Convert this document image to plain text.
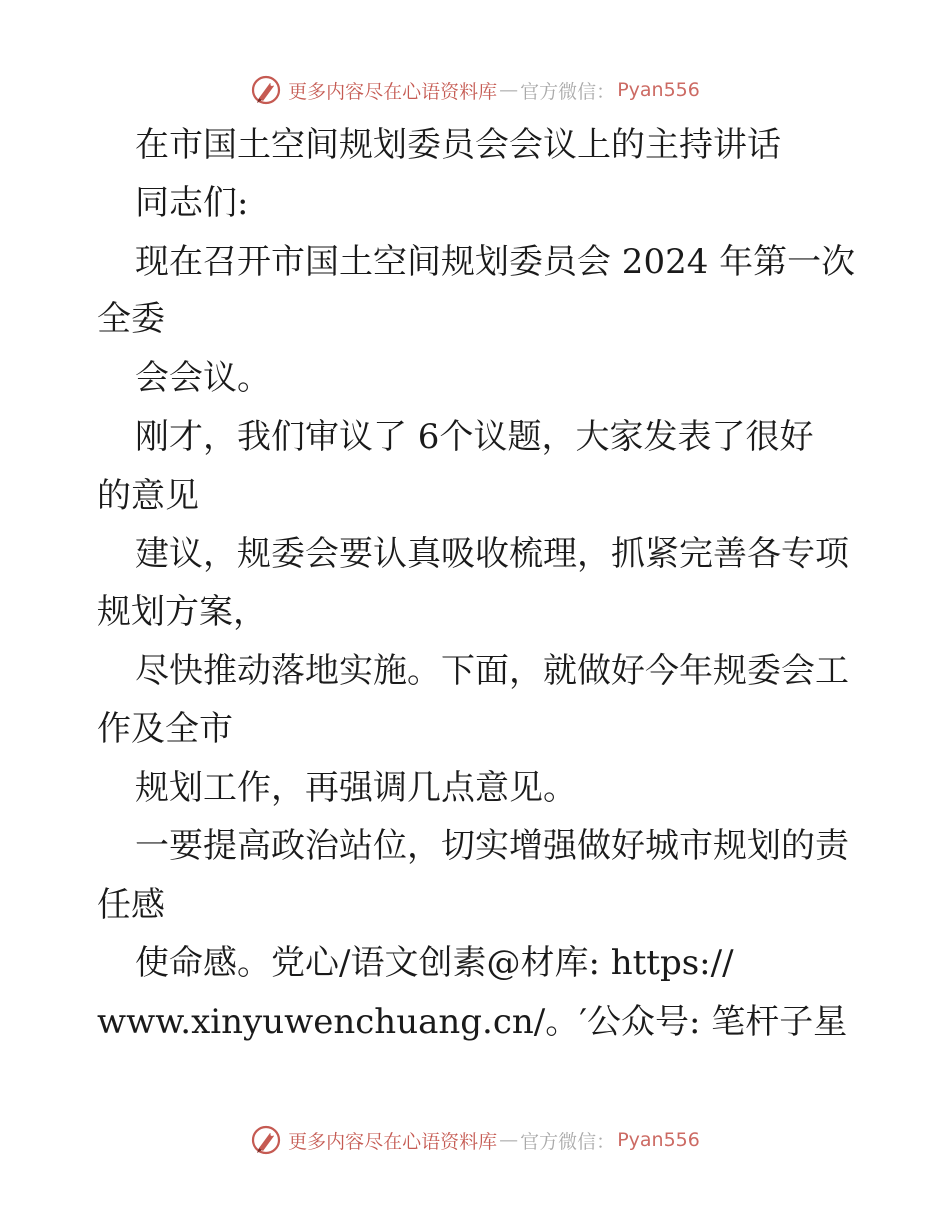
更多内容尽在心语资料库 — 官方微信： Pyan556
在市国土空间规划委员会会议上的主持讲话
同志们:
现在召开市国土空间规划委员会 2024 年第一次
全委
会会议。
刚才，我们审议了 6个议题，大家发表了很好
的意见
建议，规委会要认真吸收梳理，抓紧完善各专项
规划方案，
尽快推动落地实施。下面，就做好今年规委会工
作及全市
规划工作，再强调几点意见。
一要提高政治站位，切实增强做好城市规划的责
任感
使命感。党心/语文创素@材库: https://
www.xinyuwenchuang.cn/。′公众号: 笔杆子星
更多内容尽在心语资料库 — 官方微信： Pyan556
